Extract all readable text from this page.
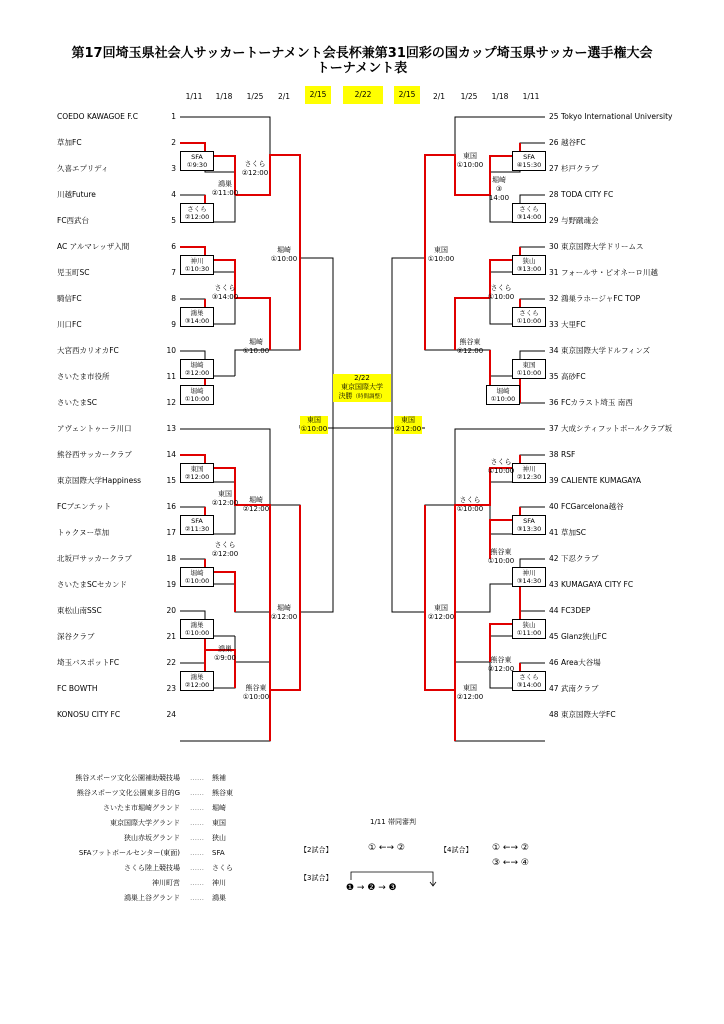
第17回埼玉県社会人サッカートーナメント会長杯兼第31回彩の国カップ埼玉県サッカー選手権大会
トーナメント表
1/11	1/18	1/25	2/1	2/15	2/22	2/15	2/1	1/25	1/18	1/11
COEDO KAWAGOE F.C	1
草加FC	2
久喜エプリディ	3
川越Future	4
FC西武台	5
AC アルマレッザ入間	6
児玉町SC	7
騎信FC	8
川口FC	9
大宮西カリオカFC	10
さいたま市役所	11
さいたまSC	12
アヴェントゥーラ川口	13
熊谷西サッカークラブ	14
東京国際大学Happiness	15
FCブエンテット	16
トゥクヌー草加	17
北坂戸サッカークラブ	18
さいたまSCセカンド	19
東松山南SSC	20
深谷クラブ	21
埼玉バスポットFC	22
FC BOWTH	23
KONOSU CITY FC	24
25 Tokyo International University
26 越谷FC
27 杉戸クラブ
28 TODA CITY FC
29 与野蹴魂会
30 東京国際大学ドリームス
31 フォールサ・ピオネーロ川越
32 鴻巣ラホージャFC TOP
33 大里FC
34 東京国際大学ドルフィンズ
35 高砂FC
36 FCカラスト埼玉 南西
37 大成シティフットボールクラブ坂
38 RSF
39 CALIENTE KUMAGAYA
40 FCGarcelona越谷
41 草加SC
42 下忍クラブ
43 KUMAGAYA CITY FC
44 FC3DEP
45 Glanz狭山FC
46 Area大谷場
47 武南クラブ
48 東京国際大学FC
SFA
①9:30
さくら
②12:00
神川
①10:30
鴻巣
③14:00
堀崎
②12:00
堀崎
①10:00
東国
②12:00
SFA
②11:30
堀崎
①10:00
鴻巣
①10:00
鴻巣
②12:00
さくら
②12:00
鴻巣
②11:00
さくら
③14:00
東国
②12:00
さくら
②12:00
鴻巣
①9:00
堀崎
①10:00
堀崎
②12:00
熊谷東
①10:00
堀崎
①10:00
堀崎
②12:00
SFA
④15:30
さくら
③14:00
狭山
③13:00
さくら
①10:00
東国
①10:00
堀崎
①10:00
神川
②12:30
SFA
③13:30
神川
③14:30
狭山
①11:00
さくら
③14:00
東国
①10:00
堀崎
③
14:00
さくら
①10:00
さくら
①10:00
熊谷東
①10:00
熊谷東
②12:00
熊谷東
②12:00
さくら
①10:00
東国
②12:00
東国
①10:00
東国
②12:00
東国
①10:00
東国
②12:00
2/22
東京国際大学
決勝（時間調整）
熊谷スポーツ文化公園補助競技場 …… 熊補
熊谷スポーツ文化公園東多目的G …… 熊谷東
さいたま市堀崎グランド …… 堀崎
東京国際大学グランド …… 東国
狭山赤坂グランド …… 狭山
SFAフットボールセンター(東面) …… SFA
さくら陸上競技場 …… さくら
神川町営 …… 神川
鴻巣上谷グランド …… 鴻巣
1/11 帯同審判
【2試合】	① ←→ ②	【4試合】 ① ←→ ②
③ ←→ ④
【3試合】
❶ → ❷ → ❸
